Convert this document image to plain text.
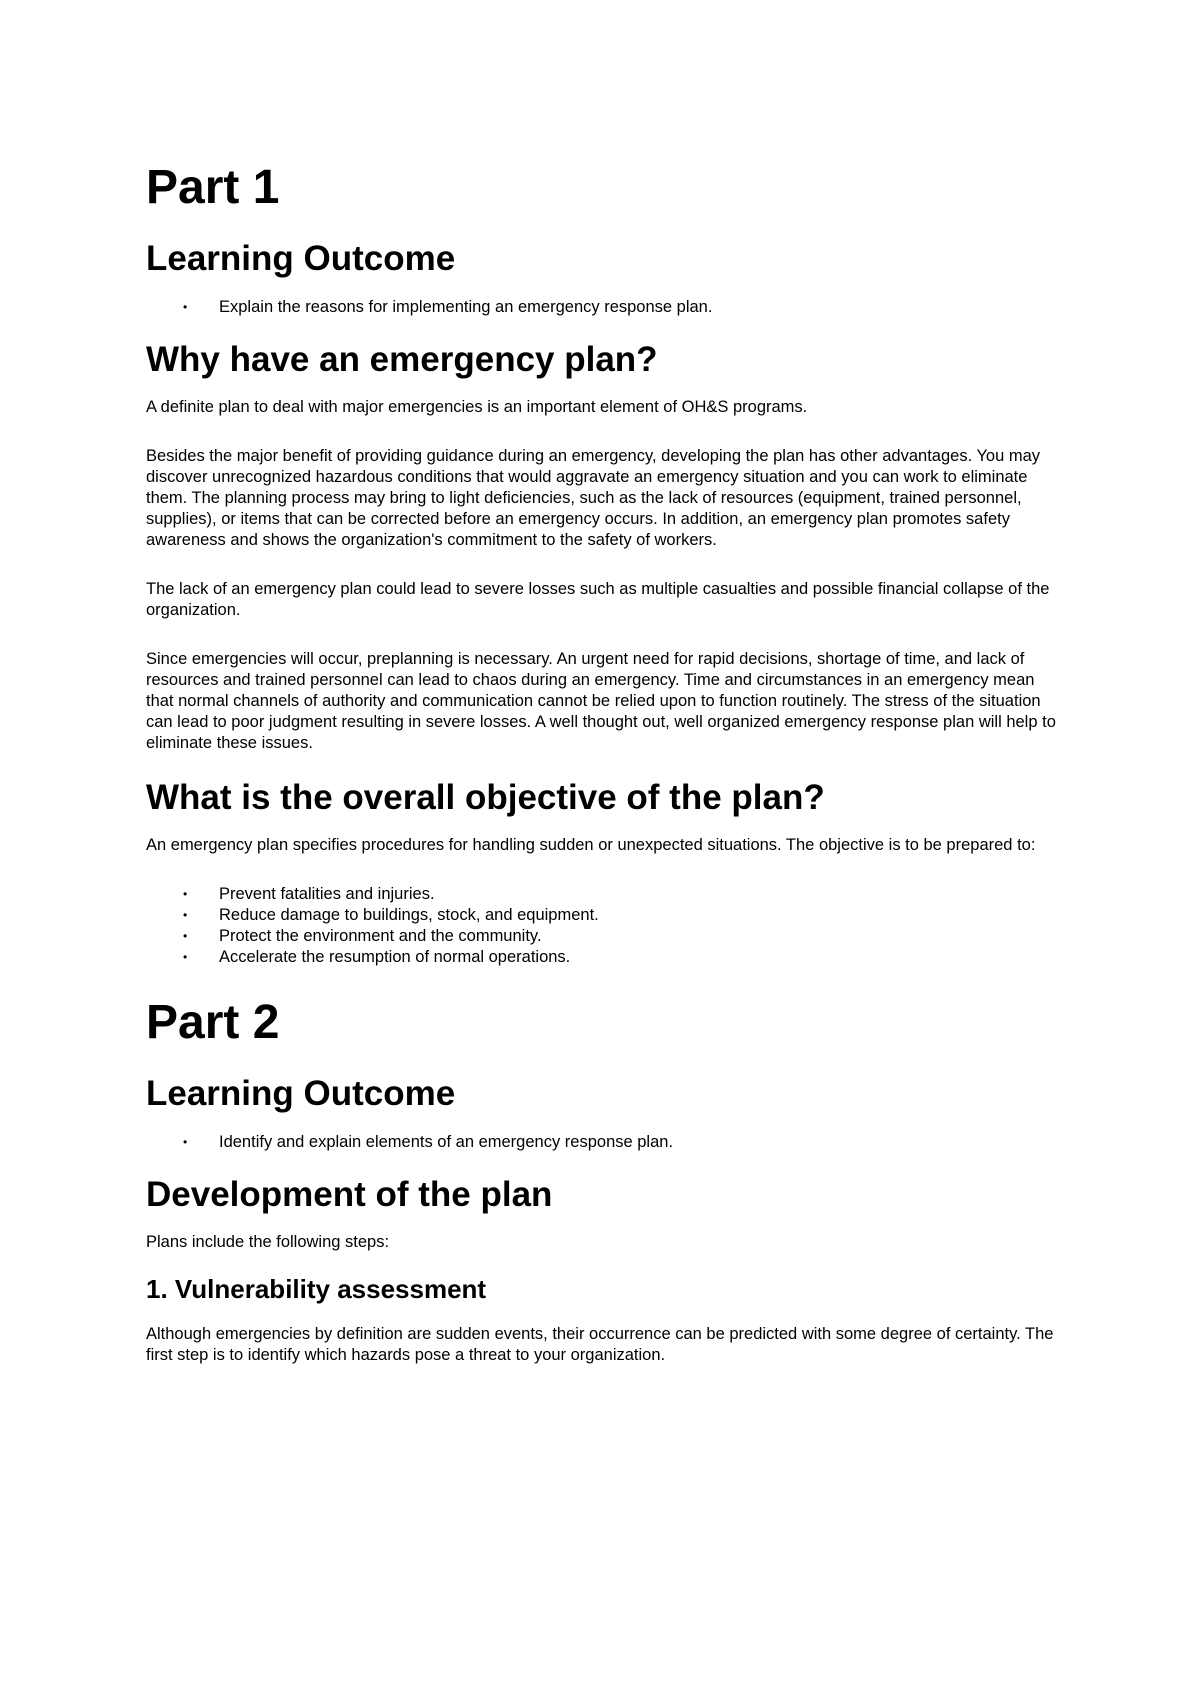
Part 1
Learning Outcome
• Explain the reasons for implementing an emergency response plan.
Why have an emergency plan?

A definite plan to deal with major emergencies is an important element of OH&S programs.

Besides the major benefit of providing guidance during an emergency, developing the plan has other advantages. You may discover unrecognized hazardous conditions that would aggravate an emergency situation and you can work to eliminate them. The planning process may bring to light deficiencies, such as the lack of resources (equipment, trained personnel, supplies), or items that can be corrected before an emergency occurs. In addition, an emergency plan promotes safety awareness and shows the organization's commitment to the safety of workers.

The lack of an emergency plan could lead to severe losses such as multiple casualties and possible financial collapse of the organization.

Since emergencies will occur, preplanning is necessary. An urgent need for rapid decisions, shortage of time, and lack of resources and trained personnel can lead to chaos during an emergency. Time and circumstances in an emergency mean that normal channels of authority and communication cannot be relied upon to function routinely. The stress of the situation can lead to poor judgment resulting in severe losses. A well thought out, well organized emergency response plan will help to eliminate these issues.

What is the overall objective of the plan?

An emergency plan specifies procedures for handling sudden or unexpected situations. The objective is to be prepared to:

• Prevent fatalities and injuries.
• Reduce damage to buildings, stock, and equipment.
• Protect the environment and the community.
• Accelerate the resumption of normal operations.
Part 2
Learning Outcome
• Identify and explain elements of an emergency response plan.
Development of the plan

Plans include the following steps:

1. Vulnerability assessment

Although emergencies by definition are sudden events, their occurrence can be predicted with some degree of certainty. The first step is to identify which hazards pose a threat to your organization.
